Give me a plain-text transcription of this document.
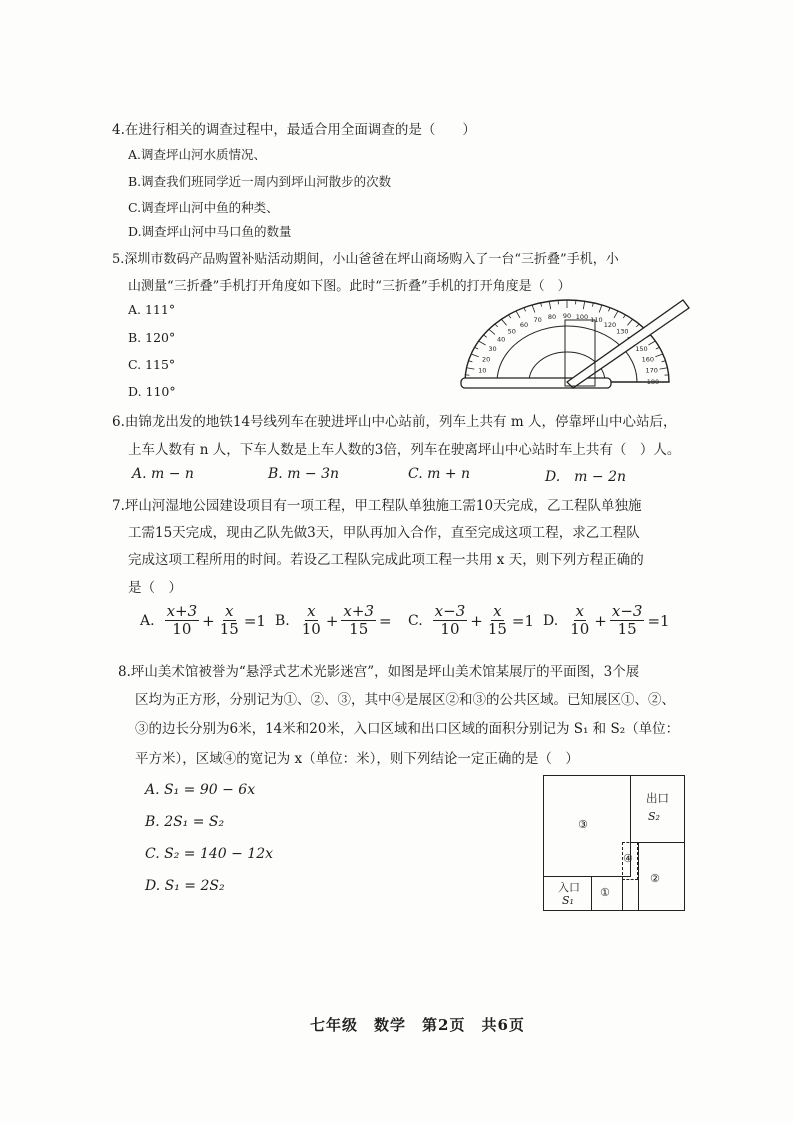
4.在进行相关的调查过程中，最适合用全面调查的是（　　）
A.调查坪山河水质情况、
B.调查我们班同学近一周内到坪山河散步的次数
C.调查坪山河中鱼的种类、
D.调查坪山河中马口鱼的数量
5.深圳市数码产品购置补贴活动期间，小山爸爸在坪山商场购入了一台“三折叠”手机，小
山测量“三折叠”手机打开角度如下图。此时“三折叠”手机的打开角度是（　）
A. 111°
B. 120°
C. 115°
D. 110°
10
20
30
40
50
60
70 80 90 100 110
120
130
150
160
170
180
6.由锦龙出发的地铁14号线列车在驶进坪山中心站前，列车上共有 m 人，停靠坪山中心站后，
上车人数有 n 人，下车人数是上车人数的3倍，列车在驶离坪山中心站时车上共有（　）人。
A. m − n	B. m − 3n	C. m + n	D.　m − 2n
7.坪山河湿地公园建设项目有一项工程，甲工程队单独施工需10天完成，乙工程队单独施
工需15天完成，现由乙队先做3天，甲队再加入合作，直至完成这项工程，求乙工程队
完成这项工程所用的时间。若设乙工程队完成此项工程一共用 x 天，则下列方程正确的
是（　）
A. $\frac{x+3}{10} + \frac{x}{15} =1$ B. $\frac{x}{10} + \frac{x+3}{15} = C$. $\frac{x-3}{10} + \frac{x}{15} =1$ D. $\frac{x}{10} + \frac{x-3}{15} =1$
8.坪山美术馆被誉为“悬浮式艺术光影迷宫”，如图是坪山美术馆某展厅的平面图，3个展
区均为正方形，分别记为①、②、③，其中④是展区②和③的公共区域。已知展区①、②、
③的边长分别为6米，14米和20米，入口区域和出口区域的面积分别记为 S₁ 和 S₂（单位：
平方米），区域④的宽记为 x（单位：米），则下列结论一定正确的是（　）
A. S₁ = 90 − 6x
B. 2S₁ = S₂
C. S₂ = 140 − 12x
D. S₁ = 2S₂
③
出口
S₂
④
②
入口
S₁
①
七年级　数学　第2页　共6页
